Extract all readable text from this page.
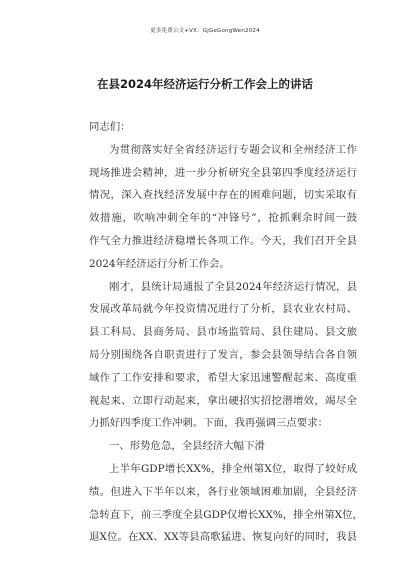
更多免费公文+VX：GjGeGongWen2024
在县2024年经济运行分析工作会上的讲话
同志们：
为贯彻落实好全省经济运行专题会议和全州经济工作
现场推进会精神，进一步分析研究全县第四季度经济运行
情况，深入查找经济发展中存在的困难问题，切实采取有
效措施，吹响冲刺全年的“冲锋号”，抢抓剩余时间一鼓
作气全力推进经济稳增长各项工作。今天，我们召开全县
2024年经济运行分析工作会。
刚才，县统计局通报了全县2024年经济运行情况，县
发展改革局就今年投资情况进行了分析，县农业农村局、
县工科局、县商务局、县市场监管局、县住建局、县文旅
局分别围绕各自职责进行了发言，参会县领导结合各自领
域作了工作安排和要求，希望大家迅速警醒起来、高度重
视起来、立即行动起来，拿出硬招实招挖潜增效，竭尽全
力抓好四季度工作冲刺。下面，我再强调三点要求：
一、形势危急，全县经济大幅下滑
上半年GDP增长XX%，排全州第X位，取得了较好成
绩。但进入下半年以来，各行业领域困难加剧，全县经济
急转直下，前三季度全县GDP仅增长XX%，排全州第X位，
退X位。在XX、XX等县高歌猛进、恢复向好的同时，我县
